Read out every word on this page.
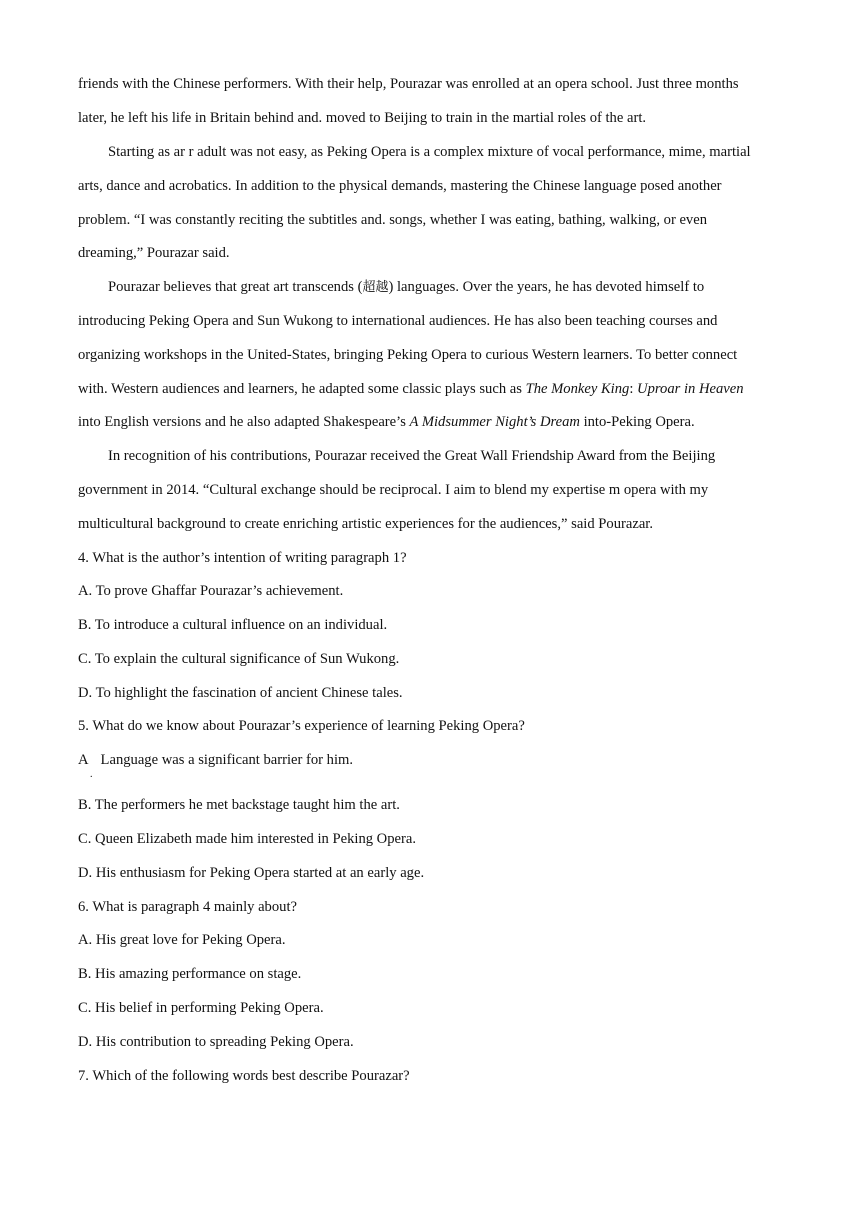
friends with the Chinese performers. With their help, Pourazar was enrolled at an opera school. Just three months
later, he left his life in Britain behind and. moved to Beijing to train in the martial roles of the art.
Starting as ar r adult was not easy, as Peking Opera is a complex mixture of vocal performance, mime, martial
arts, dance and acrobatics. In addition to the physical demands, mastering the Chinese language posed another
problem. “I was constantly reciting the subtitles and. songs, whether I was eating, bathing, walking, or even
dreaming,” Pourazar said.
Pourazar believes that great art transcends (超越) languages. Over the years, he has devoted himself to
introducing Peking Opera and Sun Wukong to international audiences. He has also been teaching courses and
organizing workshops in the United-States, bringing Peking Opera to curious Western learners. To better connect
with. Western audiences and learners, he adapted some classic plays such as The Monkey King: Uproar in Heaven
into English versions and he also adapted Shakespeare’s A Midsummer Night’s Dream into-Peking Opera.
In recognition of his contributions, Pourazar received the Great Wall Friendship Award from the Beijing
government in 2014. “Cultural exchange should be reciprocal. I aim to blend my expertise m opera with my
multicultural background to create enriching artistic experiences for the audiences,” said Pourazar.
4. What is the author’s intention of writing paragraph 1?
A. To prove Ghaffar Pourazar’s achievement.
B. To introduce a cultural influence on an individual.
C. To explain the cultural significance of Sun Wukong.
D. To highlight the fascination of ancient Chinese tales.
5. What do we know about Pourazar’s experience of learning Peking Opera?
A Language was a significant barrier for him.
.
B. The performers he met backstage taught him the art.
C. Queen Elizabeth made him interested in Peking Opera.
D. His enthusiasm for Peking Opera started at an early age.
6. What is paragraph 4 mainly about?
A. His great love for Peking Opera.
B. His amazing performance on stage.
C. His belief in performing Peking Opera.
D. His contribution to spreading Peking Opera.
7. Which of the following words best describe Pourazar?
